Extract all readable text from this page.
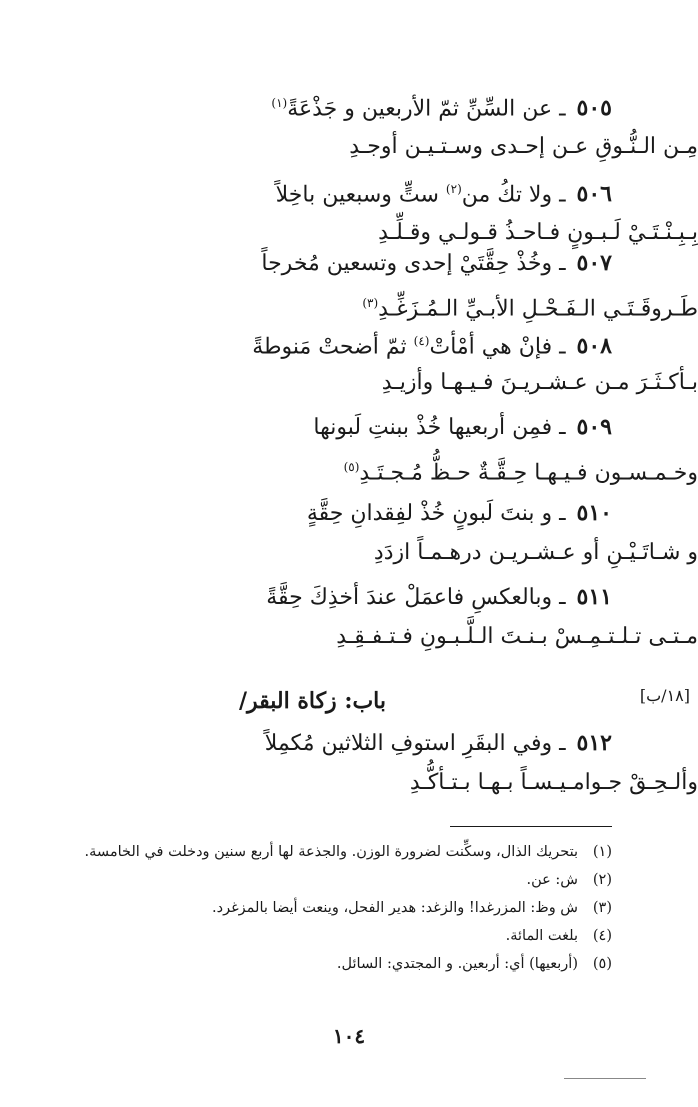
٥٠٥ ـ عن السِّنِّ ثمّ الأربعين و جَذْعَةً$^{(١)}$
مِـن الـنُّـوقِ عـن إحـدى وسـتـيـن أوجـدِ
٥٠٦ ـ ولا تكُ من$^{(٢)}$ ستٍّ وسبعين باخِلاً
بِـبِـنْـتَـيْ لَـبـونٍ فـاحـذُ قـولـي وقـلِّـدِ
٥٠٧ ـ وخُذْ حِقَّتَيْ إحدى وتسعين مُخرجاً
طَـروقَـتَـي الـفَـحْـلِ الأبـيِّ الـمُـزَغِّـدِ$^{(٣)}$
٥٠٨ ـ فإنْ هي أمْأتْ$^{(٤)}$ ثمّ أضحتْ مَنوطةً
بـأكـثَـرَ مـن عـشـريـنَ فـيـهـا وأزيـدِ
٥٠٩ ـ فمِن أربعيها خُذْ ببنتِ لَبونها
وخـمـسـون فـيـهـا حِـقَّـةٌ حـظُّ مُـجـتَـدِ$^{(٥)}$
٥١٠ ـ و بنتَ لَبونٍ خُذْ لفِقدانِ حِقَّةٍ
و شـاتَـيْـنِ أو عـشـريـن درهـمـاً ازدَدِ
٥١١ ـ وبالعكسِ فاعمَلْ عندَ أخذِكَ حِقَّةً
مـتـى تـلـتـمِـسْ بـنـتَ الـلَّـبـونِ فـتـفـقِـدِ
باب: زكاة البقر/	[١٨/ب]
٥١٢ ـ وفي البقَرِ استوفِ الثلاثين مُكمِلاً
وألـحِـقْ جـوامـيـسـاً بـهـا بـتـأكُّـدِ
(١)
بتحريك الذال، وسكِّنت لضرورة الوزن. والجذعة لها أربع سنين ودخلت في الخامسة.
(٢)
ش: عن.
(٣)
ش وظ: المزرغدا! والزغد: هدير الفحل، وينعت أيضا بالمزغرد.
(٤)
بلغت المائة.
(٥)
(أربعيها) أي: أربعين. و المجتدي: السائل.
١٠٤
